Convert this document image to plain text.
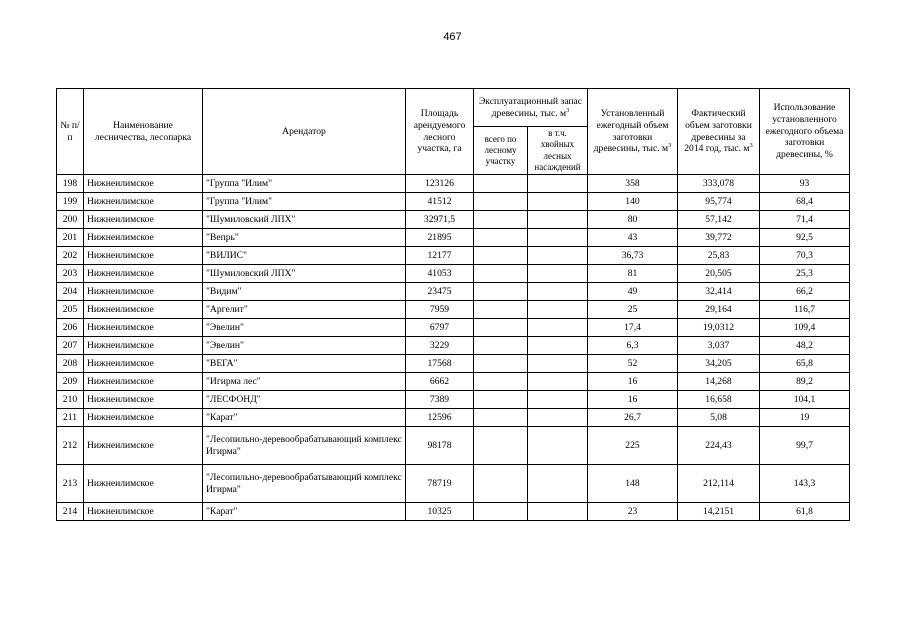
467
№ п/п	Наименование лесничества, лесопарка	Арендатор	Площадь арендуемого лесного участка, га	Эксплуатационный запас древесины, тыс. $м^3$		Установленный ежегодный объем заготовки древесины, тыс. $м^3$	Фактический объем заготовки древесины за 2014 год, тыс. $м^3$	Использование установленного ежегодного объема заготовки древесины, %
				всего по лесному участку	в т.ч. хвойных лесных насаждений			
198	Нижнеилимское	"Группа "Илим"	123126			358	333,078	93
199	Нижнеилимское	"Группа "Илим"	41512			140	95,774	68,4
200	Нижнеилимское	"Шумиловский ЛПХ"	32971,5			80	57,142	71,4
201	Нижнеилимское	"Вепрь"	21895			43	39,772	92,5
202	Нижнеилимское	"ВИЛИС"	12177			36,73	25,83	70,3
203	Нижнеилимское	"Шумиловский ЛПХ"	41053			81	20,505	25,3
204	Нижнеилимское	"Видим"	23475			49	32,414	66,2
205	Нижнеилимское	"Аргелит"	7959			25	29,164	116,7
206	Нижнеилимское	"Эвелин"	6797			17,4	19,0312	109,4
207	Нижнеилимское	"Эвелин"	3229			6,3	3,037	48,2
208	Нижнеилимское	"ВЕГА"	17568			52	34,205	65,8
209	Нижнеилимское	"Игирма лес"	6662			16	14,268	89,2
210	Нижнеилимское	"ЛЕСФОНД"	7389			16	16,658	104,1
211	Нижнеилимское	"Карат"	12596			26,7	5,08	19
212	Нижнеилимское	"Лесопильно-деревообрабатывающий комплекс Игирма"	98178			225	224,43	99,7
213	Нижнеилимское	"Лесопильно-деревообрабатывающий комплекс Игирма"	78719			148	212,114	143,3
214	Нижнеилимское	"Карат"	10325			23	14,2151	61,8
